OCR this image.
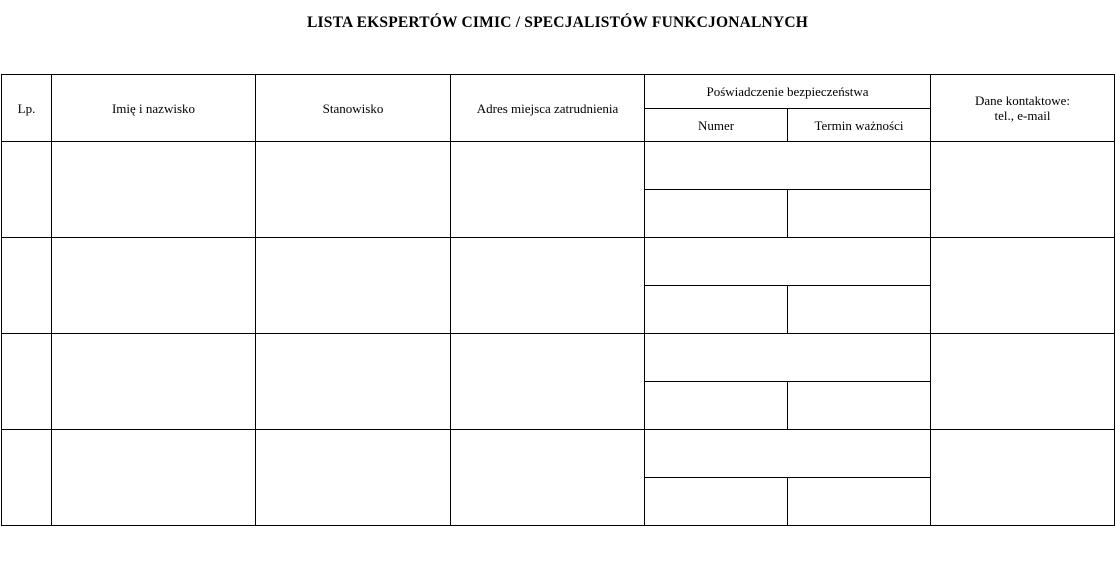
LISTA EKSPERTÓW CIMIC / SPECJALISTÓW FUNKCJONALNYCH
Lp.	Imię i nazwisko	Stanowisko	Adres miejsca zatrudnienia	Poświadczenie bezpieczeństwa		Dane kontaktowe:
tel., e-mail
				Numer	Termin ważności	
